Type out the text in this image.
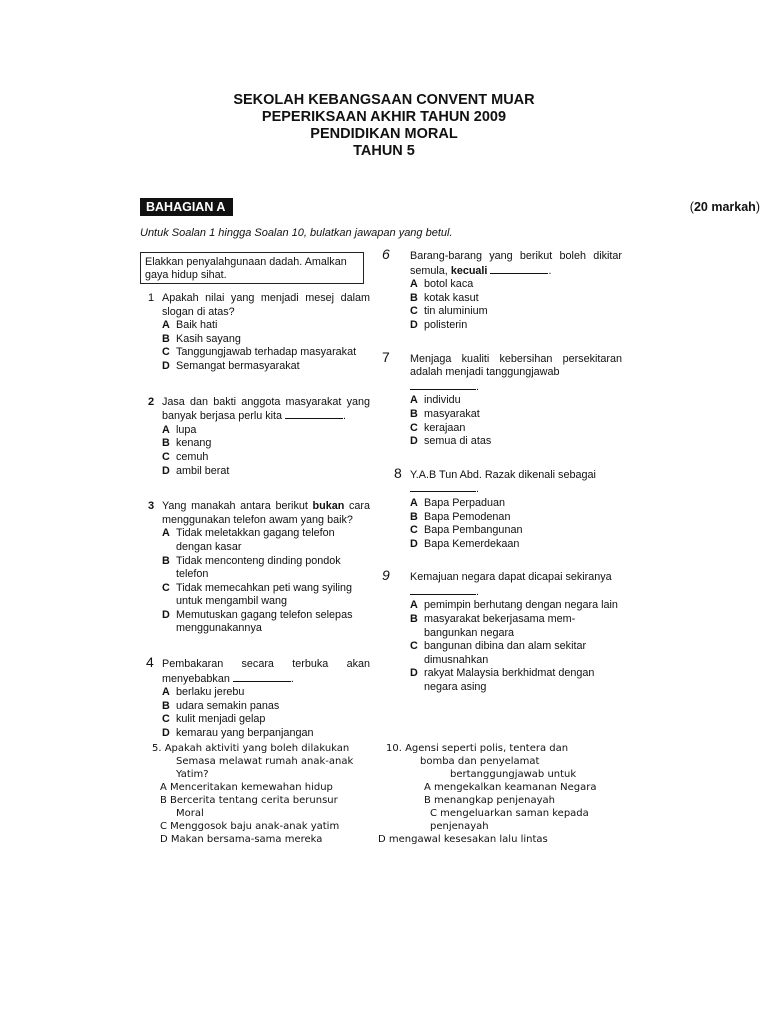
SEKOLAH KEBANGSAAN CONVENT MUAR
PEPERIKSAAN AKHIR TAHUN 2009
PENDIDIKAN MORAL
TAHUN 5
BAHAGIAN A	(20 markah)
Untuk Soalan 1 hingga Soalan 10, bulatkan jawapan yang betul.
Elakkan penyalahgunaan dadah. Amalkan gaya hidup sihat.
1 Apakah nilai yang menjadi mesej dalam slogan di atas?
A Baik hati
B Kasih sayang
C Tanggungjawab terhadap masyarakat
D Semangat bermasyarakat
2 Jasa dan bakti anggota masyarakat yang banyak berjasa perlu kita	.
A lupa
B kenang
C cemuh
D ambil berat
3 Yang manakah antara berikut bukan cara menggunakan telefon awam yang baik?
A Tidak meletakkan gagang telefon dengan kasar
B Tidak menconteng dinding pondok telefon
C Tidak memecahkan peti wang syiling untuk mengambil wang
D Memutuskan gagang telefon selepas menggunakannya
4 Pembakaran secara terbuka akan menyebabkan	.
A berlaku jerebu
B udara semakin panas
C kulit menjadi gelap
D kemarau yang berpanjangan
6 Barang-barang yang berikut boleh dikitar semula, kecuali	.
A botol kaca
B kotak kasut
C tin aluminium
D polisterin
7 Menjaga kualiti kebersihan persekitaran adalah menjadi tanggungjawab
.
A individu
B masyarakat
C kerajaan
D semua di atas
8 Y.A.B Tun Abd. Razak dikenali sebagai
.
A Bapa Perpaduan
B Bapa Pemodenan
C Bapa Pembangunan
D Bapa Kemerdekaan
9 Kemajuan negara dapat dicapai sekiranya
.
A pemimpin berhutang dengan negara lain
B masyarakat bekerjasama mem-bangunkan negara
C bangunan dibina dan alam sekitar dimusnahkan
D rakyat Malaysia berkhidmat dengan negara asing
5. Apakah aktiviti yang boleh dilakukan
Semasa melawat rumah anak-anak
Yatim?
A Menceritakan kemewahan hidup
B Bercerita tentang cerita berunsur
Moral
C Menggosok baju anak-anak yatim
D Makan bersama-sama mereka
10. Agensi seperti polis, tentera dan
bomba dan penyelamat
bertanggungjawab untuk
A mengekalkan keamanan Negara
B menangkap penjenayah
C mengeluarkan saman kepada
penjenayah
D mengawal kesesakan lalu lintas
